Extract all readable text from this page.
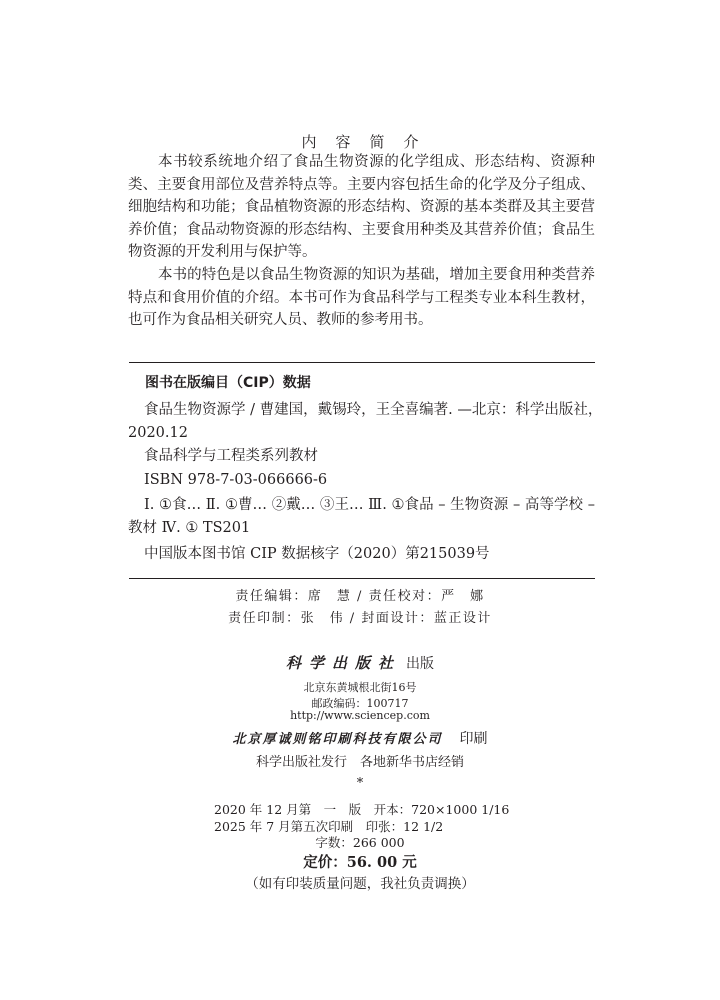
内容简介
本书较系统地介绍了食品生物资源的化学组成、形态结构、资源种
类、主要食用部位及营养特点等。主要内容包括生命的化学及分子组成、
细胞结构和功能；食品植物资源的形态结构、资源的基本类群及其主要营
养价值；食品动物资源的形态结构、主要食用种类及其营养价值；食品生
物资源的开发利用与保护等。
本书的特色是以食品生物资源的知识为基础，增加主要食用种类营养
特点和食用价值的介绍。本书可作为食品科学与工程类专业本科生教材，
也可作为食品相关研究人员、教师的参考用书。
图书在版编目（CIP）数据
食品生物资源学 / 曹建国，戴锡玲，王全喜编著. —北京：科学出版社，
2020.12
食品科学与工程类系列教材
ISBN 978-7-03-066666-6
Ⅰ. ①食… Ⅱ. ①曹… ②戴… ③王… Ⅲ. ①食品 – 生物资源 – 高等学校 –
教材 Ⅳ. ① TS201
中国版本图书馆 CIP 数据核字（2020）第215039号
责任编辑：席　慧 / 责任校对：严　娜
责任印制：张　伟 / 封面设计：蓝正设计
科学出版社 出版
北京东黄城根北街16号
邮政编码：100717
http://www.sciencep.com
北京厚诚则铭印刷科技有限公司 印刷
科学出版社发行　各地新华书店经销
*
2020 年 12 月第　一　版　开本：720×1000 1/16
2025 年 7 月第五次印刷　印张：12 1/2
字数：266 000
定价：56. 00 元
（如有印装质量问题，我社负责调换）
